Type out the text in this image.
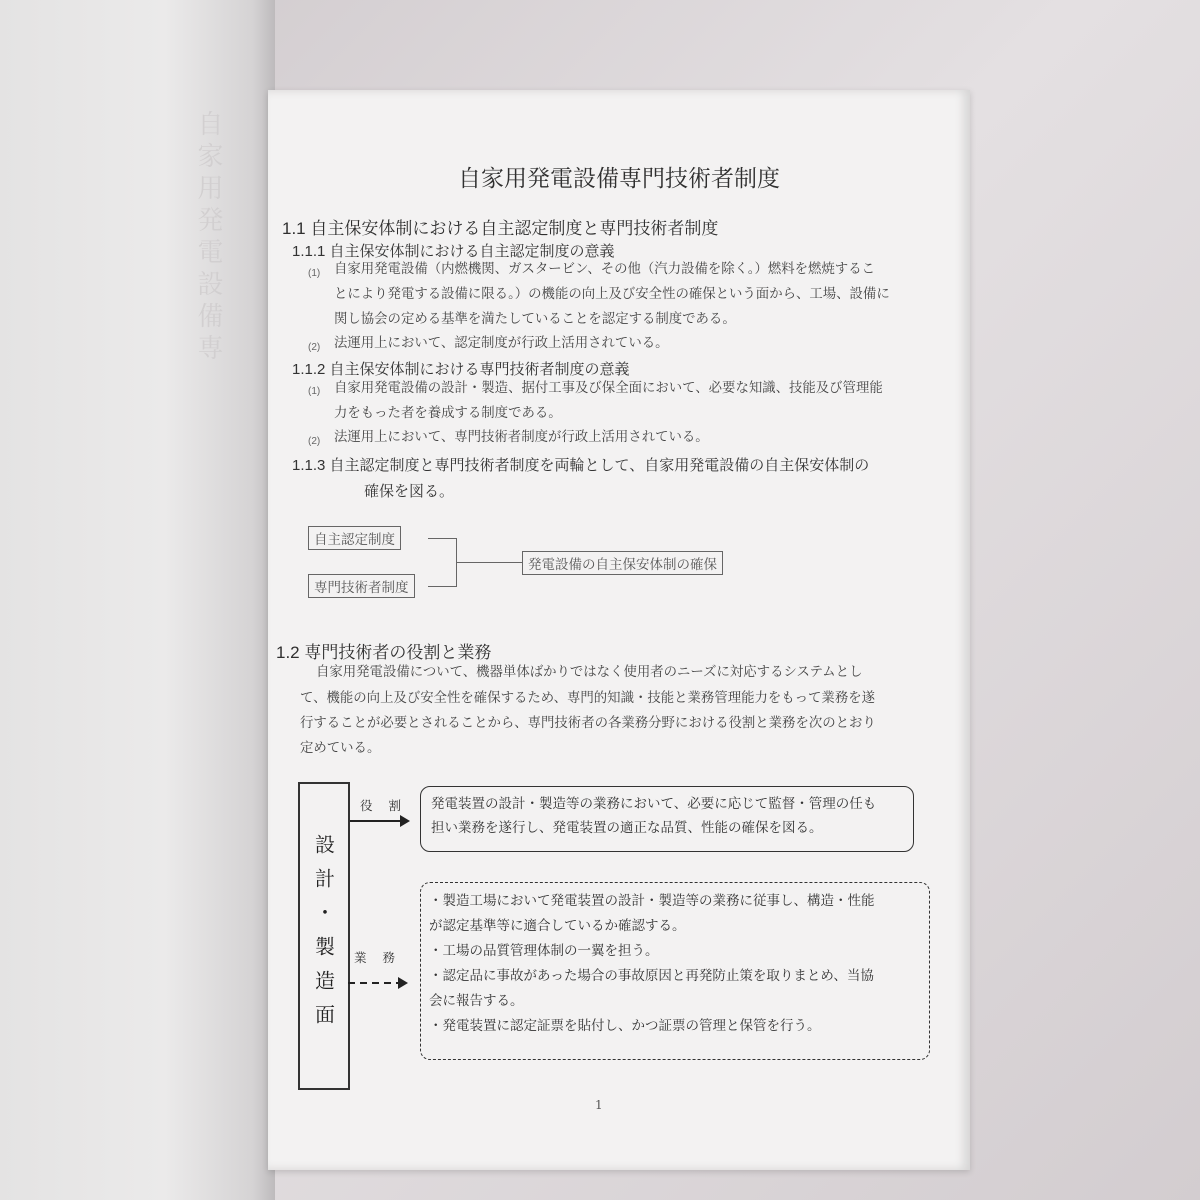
自家用発電設備専	自家用発電設備専門技術者制度
1.1 自主保安体制における自主認定制度と専門技術者制度
1.1.1 自主保安体制における自主認定制度の意義
(1) 自家用発電設備（内燃機関、ガスタービン、その他（汽力設備を除く。）燃料を燃焼するこ
とにより発電する設備に限る。）の機能の向上及び安全性の確保という面から、工場、設備に
関し協会の定める基準を満たしていることを認定する制度である。
(2) 法運用上において、認定制度が行政上活用されている。
1.1.2 自主保安体制における専門技術者制度の意義
(1) 自家用発電設備の設計・製造、据付工事及び保全面において、必要な知識、技能及び管理能
力をもった者を養成する制度である。
(2) 法運用上において、専門技術者制度が行政上活用されている。
1.1.3 自主認定制度と専門技術者制度を両輪として、自家用発電設備の自主保安体制の
確保を図る。
自主認定制度
専門技術者制度
発電設備の自主保安体制の確保
1.2 専門技術者の役割と業務
自家用発電設備について、機器単体ばかりではなく使用者のニーズに対応するシステムとし
て、機能の向上及び安全性を確保するため、専門的知識・技能と業務管理能力をもって業務を遂
行することが必要とされることから、専門技術者の各業務分野における役割と業務を次のとおり
定めている。
設計・製造面
役 割 発電装置の設計・製造等の業務において、必要に応じて監督・管理の任も
担い業務を遂行し、発電装置の適正な品質、性能の確保を図る。
業 務
・製造工場において発電装置の設計・製造等の業務に従事し、構造・性能
が認定基準等に適合しているか確認する。
・工場の品質管理体制の一翼を担う。
・認定品に事故があった場合の事故原因と再発防止策を取りまとめ、当協
会に報告する。
・発電装置に認定証票を貼付し、かつ証票の管理と保管を行う。
1
